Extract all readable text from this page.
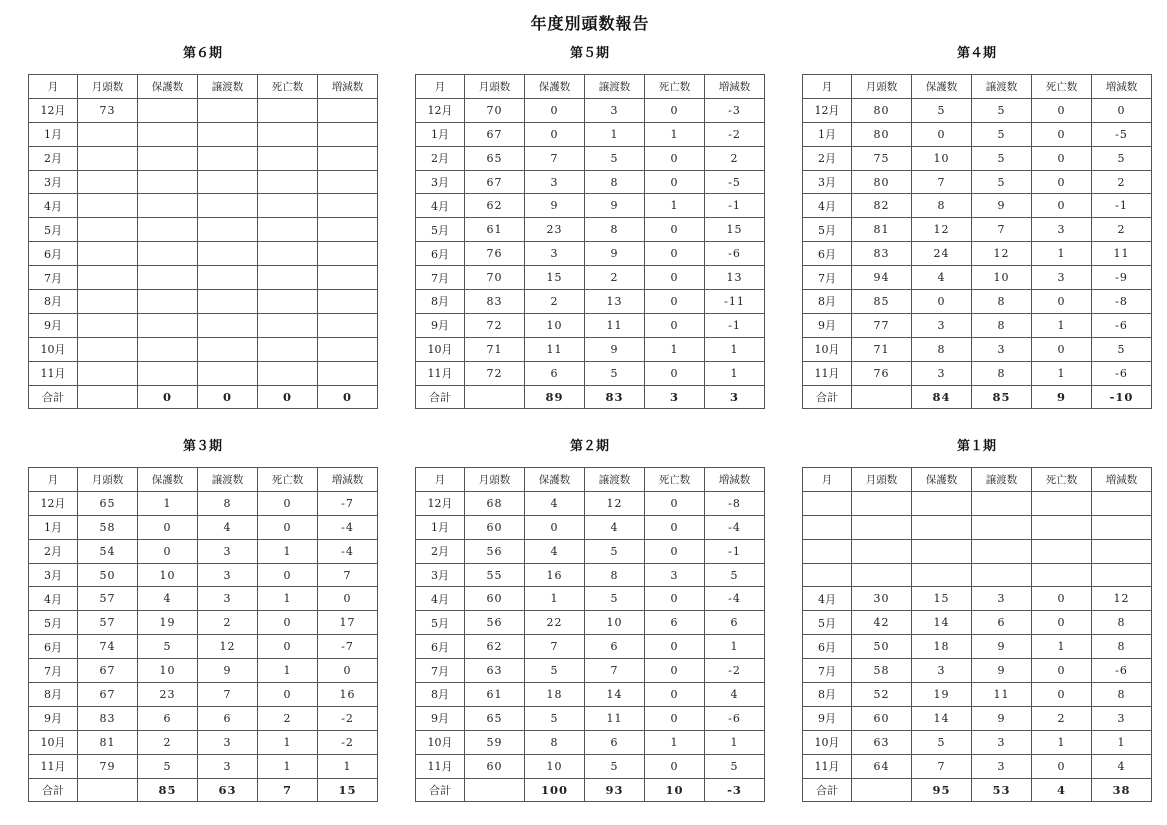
年度別頭数報告
第６期
月	月頭数	保護数	譲渡数	死亡数	増減数
12月	73				
1月					
2月					
3月					
4月					
5月					
6月					
7月					
8月					
9月					
10月					
11月					
合計		0	0	0	0
第５期
月	月頭数	保護数	譲渡数	死亡数	増減数
12月	70	0	3	0	-3
1月	67	0	1	1	-2
2月	65	7	5	0	2
3月	67	3	8	0	-5
4月	62	9	9	1	-1
5月	61	23	8	0	15
6月	76	3	9	0	-6
7月	70	15	2	0	13
8月	83	2	13	0	-11
9月	72	10	11	0	-1
10月	71	11	9	1	1
11月	72	6	5	0	1
合計		89	83	3	3
第４期
月	月頭数	保護数	譲渡数	死亡数	増減数
12月	80	5	5	0	0
1月	80	0	5	0	-5
2月	75	10	5	0	5
3月	80	7	5	0	2
4月	82	8	9	0	-1
5月	81	12	7	3	2
6月	83	24	12	1	11
7月	94	4	10	3	-9
8月	85	0	8	0	-8
9月	77	3	8	1	-6
10月	71	8	3	0	5
11月	76	3	8	1	-6
合計		84	85	9	-10
第３期
月	月頭数	保護数	譲渡数	死亡数	増減数
12月	65	1	8	0	-7
1月	58	0	4	0	-4
2月	54	0	3	1	-4
3月	50	10	3	0	7
4月	57	4	3	1	0
5月	57	19	2	0	17
6月	74	5	12	0	-7
7月	67	10	9	1	0
8月	67	23	7	0	16
9月	83	6	6	2	-2
10月	81	2	3	1	-2
11月	79	5	3	1	1
合計		85	63	7	15
第２期
月	月頭数	保護数	譲渡数	死亡数	増減数
12月	68	4	12	0	-8
1月	60	0	4	0	-4
2月	56	4	5	0	-1
3月	55	16	8	3	5
4月	60	1	5	0	-4
5月	56	22	10	6	6
6月	62	7	6	0	1
7月	63	5	7	0	-2
8月	61	18	14	0	4
9月	65	5	11	0	-6
10月	59	8	6	1	1
11月	60	10	5	0	5
合計		100	93	10	-3
第１期
月	月頭数	保護数	譲渡数	死亡数	増減数

4月	30	15	3	0	12
5月	42	14	6	0	8
6月	50	18	9	1	8
7月	58	3	9	0	-6
8月	52	19	11	0	8
9月	60	14	9	2	3
10月	63	5	3	1	1
11月	64	7	3	0	4
合計		95	53	4	38
